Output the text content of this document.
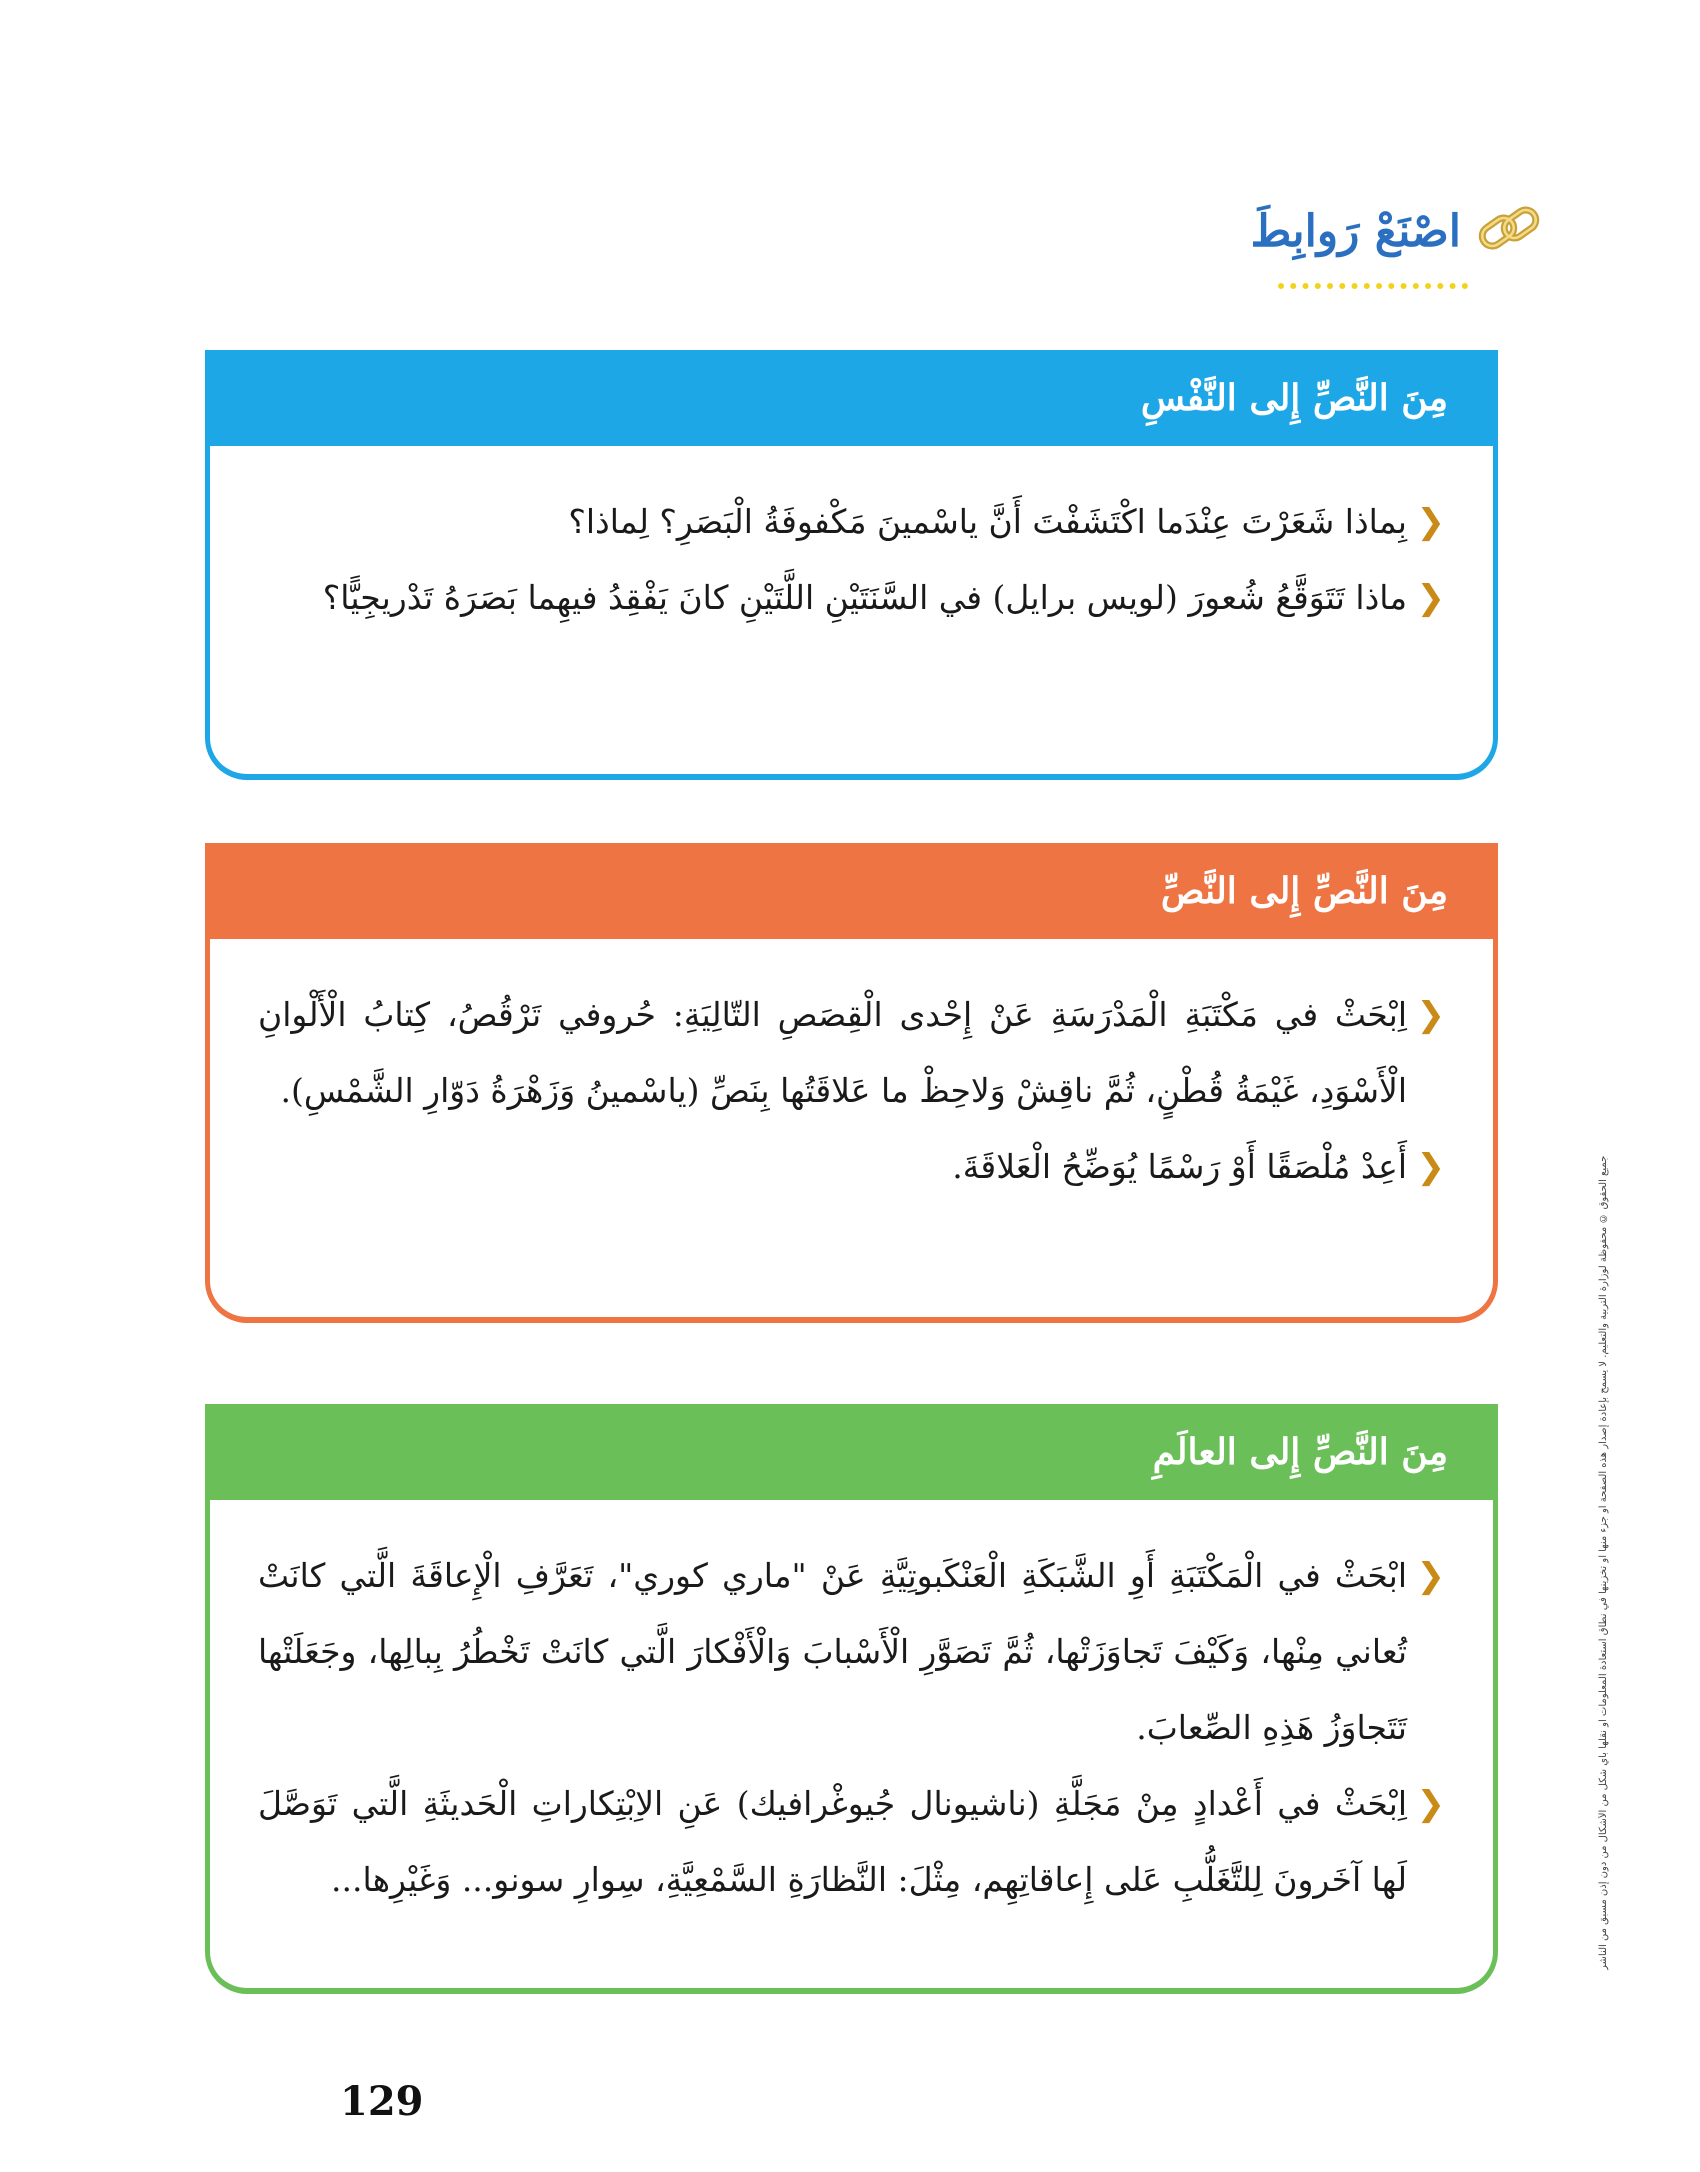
اصْنَعْ رَوابِطَ
جميع الحقوق © محفوظة لوزارة التربية والتعليم. لا يسمح بإعادة إصدار هذه الصفحة أو جزء منها أو تخزينها في نطاق استعادة المعلومات أو نقلها بأي شكل من الأشكال من دون إذن مسبق من الناشر
مِنَ النَّصِّ إِلى النَّفْسِ
❮
بِماذا شَعَرْتَ عِنْدَما اكْتَشَفْتَ أَنَّ ياسْمينَ مَكْفوفَةُ الْبَصَرِ؟ لِماذا؟
❮
ماذا تَتَوَقَّعُ شُعورَ (لويس برايل) في السَّنَتَيْنِ اللَّتَيْنِ كانَ يَفْقِدُ فيهِما بَصَرَهُ تَدْريجِيًّا؟
مِنَ النَّصِّ إِلى النَّصِّ
❮
اِبْحَثْ في مَكْتَبَةِ الْمَدْرَسَةِ عَنْ إِحْدى الْقِصَصِ التّالِيَةِ: حُروفي تَرْقُصُ، كِتابُ الْأَلْوانِ الْأَسْوَدِ، غَيْمَةُ قُطْنٍ، ثُمَّ ناقِشْ وَلاحِظْ ما عَلاقَتُها بِنَصِّ (ياسْمينُ وَزَهْرَةُ دَوّارِ الشَّمْسِ).
❮
أَعِدْ مُلْصَقًا أَوْ رَسْمًا يُوَضِّحُ الْعَلاقَةَ.
مِنَ النَّصِّ إِلى العالَمِ
❮
ابْحَثْ في الْمَكْتَبَةِ أَوِ الشَّبَكَةِ الْعَنْكَبوتِيَّةِ عَنْ "ماري كوري"، تَعَرَّفِ الْإِعاقَةَ الَّتي كانَتْ تُعاني مِنْها، وَكَيْفَ تَجاوَزَتْها، ثُمَّ تَصَوَّرِ الْأَسْبابَ وَالْأَفْكارَ الَّتي كانَتْ تَخْطُرُ بِبالِها، وجَعَلَتْها تَتَجاوَزُ هَذِهِ الصِّعابَ.
❮
اِبْحَثْ في أَعْدادٍ مِنْ مَجَلَّةِ (ناشيونال جُيوغْرافيك) عَنِ الاِبْتِكاراتِ الْحَديثَةِ الَّتي تَوَصَّلَ لَها آخَرونَ لِلتَّغَلُّبِ عَلى إِعاقاتِهِم، مِثْلَ: النَّظارَةِ السَّمْعِيَّةِ، سِوارِ سونو... وَغَيْرِها...
129
